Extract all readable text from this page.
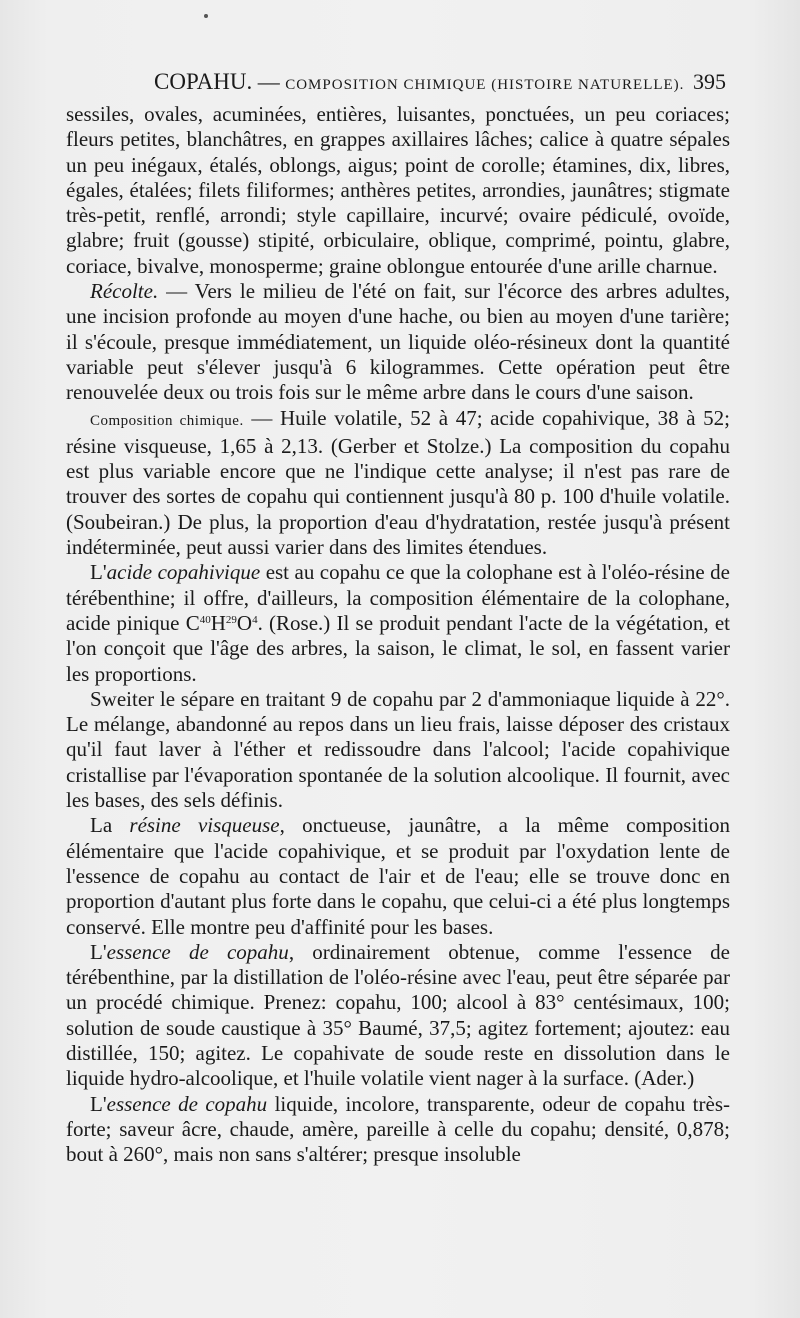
COPAHU. — COMPOSITION CHIMIQUE (HISTOIRE NATURELLE). 395

sessiles, ovales, acuminées, entières, luisantes, ponctuées, un peu coriaces; fleurs petites, blanchâtres, en grappes axillaires lâches; calice à quatre sépales un peu inégaux, étalés, oblongs, aigus; point de corolle; étamines, dix, libres, égales, étalées; filets filiformes; anthères petites, arrondies, jaunâtres; stigmate très-petit, renflé, arrondi; style capillaire, incurvé; ovaire pédiculé, ovoïde, glabre; fruit (gousse) stipité, orbiculaire, oblique, comprimé, pointu, glabre, coriace, bivalve, monosperme; graine oblongue entourée d'une arille charnue.

Récolte. — Vers le milieu de l'été on fait, sur l'écorce des arbres adultes, une incision profonde au moyen d'une hache, ou bien au moyen d'une tarière; il s'écoule, presque immédiatement, un liquide oléo-résineux dont la quantité variable peut s'élever jusqu'à 6 kilogrammes. Cette opération peut être renouvelée deux ou trois fois sur le même arbre dans le cours d'une saison.

Composition chimique. — Huile volatile, 52 à 47; acide copahivique, 38 à 52; résine visqueuse, 1,65 à 2,13. (Gerber et Stolze.) La composition du copahu est plus variable encore que ne l'indique cette analyse; il n'est pas rare de trouver des sortes de copahu qui contiennent jusqu'à 80 p. 100 d'huile volatile. (Soubeiran.) De plus, la proportion d'eau d'hydratation, restée jusqu'à présent indéterminée, peut aussi varier dans des limites étendues.

L'acide copahivique est au copahu ce que la colophane est à l'oléo-résine de térébenthine; il offre, d'ailleurs, la composition élémentaire de la colophane, acide pinique $C^{40}H^{29}O^4$. (Rose.) Il se produit pendant l'acte de la végétation, et l'on conçoit que l'âge des arbres, la saison, le climat, le sol, en fassent varier les proportions.

Sweiter le sépare en traitant 9 de copahu par 2 d'ammoniaque liquide à 22°. Le mélange, abandonné au repos dans un lieu frais, laisse déposer des cristaux qu'il faut laver à l'éther et redissoudre dans l'alcool; l'acide copahivique cristallise par l'évaporation spontanée de la solution alcoolique. Il fournit, avec les bases, des sels définis.

La résine visqueuse, onctueuse, jaunâtre, a la même composition élémentaire que l'acide copahivique, et se produit par l'oxydation lente de l'essence de copahu au contact de l'air et de l'eau; elle se trouve donc en proportion d'autant plus forte dans le copahu, que celui-ci a été plus longtemps conservé. Elle montre peu d'affinité pour les bases.

L'essence de copahu, ordinairement obtenue, comme l'essence de térébenthine, par la distillation de l'oléo-résine avec l'eau, peut être séparée par un procédé chimique. Prenez: copahu, 100; alcool à 83° centésimaux, 100; solution de soude caustique à 35° Baumé, 37,5; agitez fortement; ajoutez: eau distillée, 150; agitez. Le copahivate de soude reste en dissolution dans le liquide hydro-alcoolique, et l'huile volatile vient nager à la surface. (Ader.)

L'essence de copahu liquide, incolore, transparente, odeur de copahu très-forte; saveur âcre, chaude, amère, pareille à celle du copahu; densité, 0,878; bout à 260°, mais non sans s'altérer; presque insoluble
